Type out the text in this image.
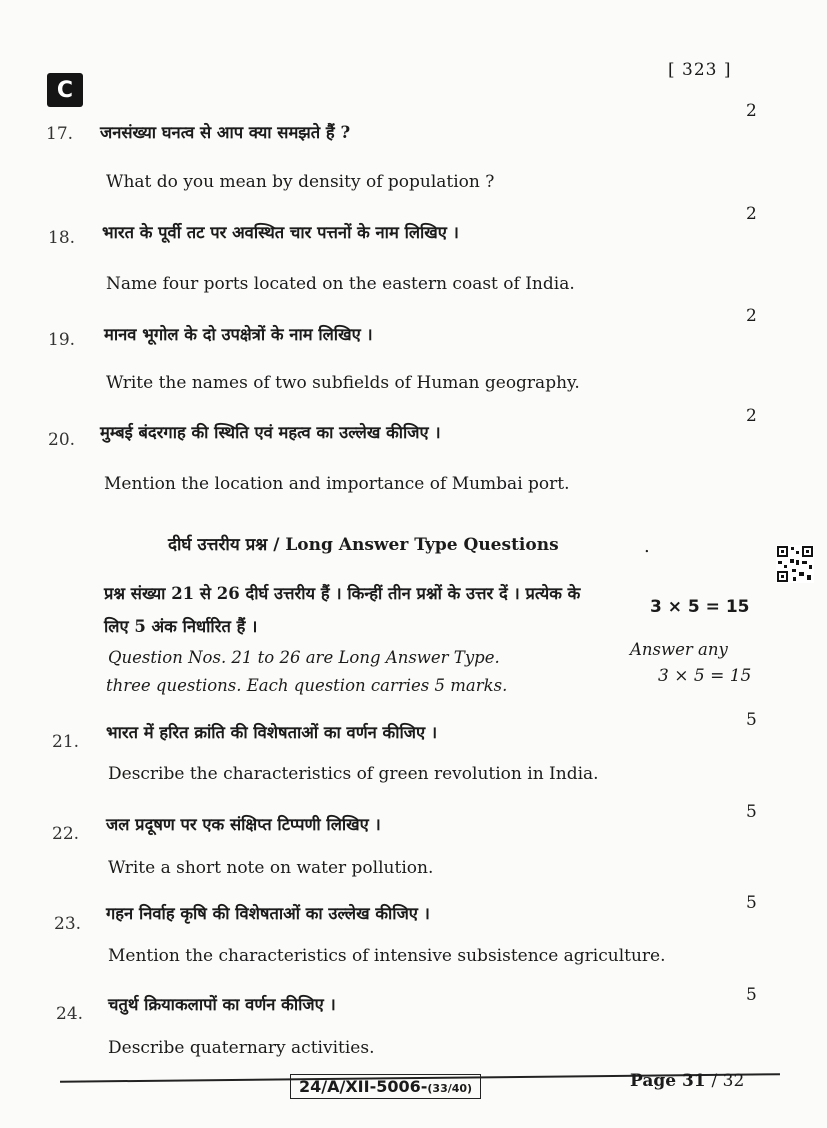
C
[ 323 ]
17. जनसंख्या घनत्व से आप क्या समझते हैं ?
What do you mean by density of population ?
2
18. भारत के पूर्वी तट पर अवस्थित चार पत्तनों के नाम लिखिए ।
Name four ports located on the eastern coast of India.
2
19. मानव भूगोल के दो उपक्षेत्रों के नाम लिखिए ।
Write the names of two subfields of Human geography.
2
20. मुम्बई बंदरगाह की स्थिति एवं महत्व का उल्लेख कीजिए ।
Mention the location and importance of Mumbai port.
2
दीर्घ उत्तरीय प्रश्न / Long Answer Type Questions	.
प्रश्न संख्या 21 से 26 दीर्घ उत्तरीय हैं । किन्हीं तीन प्रश्नों के उत्तर दें । प्रत्येक के
3 × 5 = 15
लिए 5 अंक निर्धारित हैं ।
Question Nos. 21 to 26 are Long Answer Type.	Answer any
three questions. Each question carries 5 marks.	3 × 5 = 15
21. भारत में हरित क्रांति की विशेषताओं का वर्णन कीजिए ।
Describe the characteristics of green revolution in India.
5
22. जल प्रदूषण पर एक संक्षिप्त टिप्पणी लिखिए ।
Write a short note on water pollution.
5
23.
गहन निर्वाह कृषि की विशेषताओं का उल्लेख कीजिए ।
Mention the characteristics of intensive subsistence agriculture.
5
24. चतुर्थ क्रियाकलापों का वर्णन कीजिए ।
Describe quaternary activities.
5
24/A/XII-5006-(33/40)	Page 31 / 32
